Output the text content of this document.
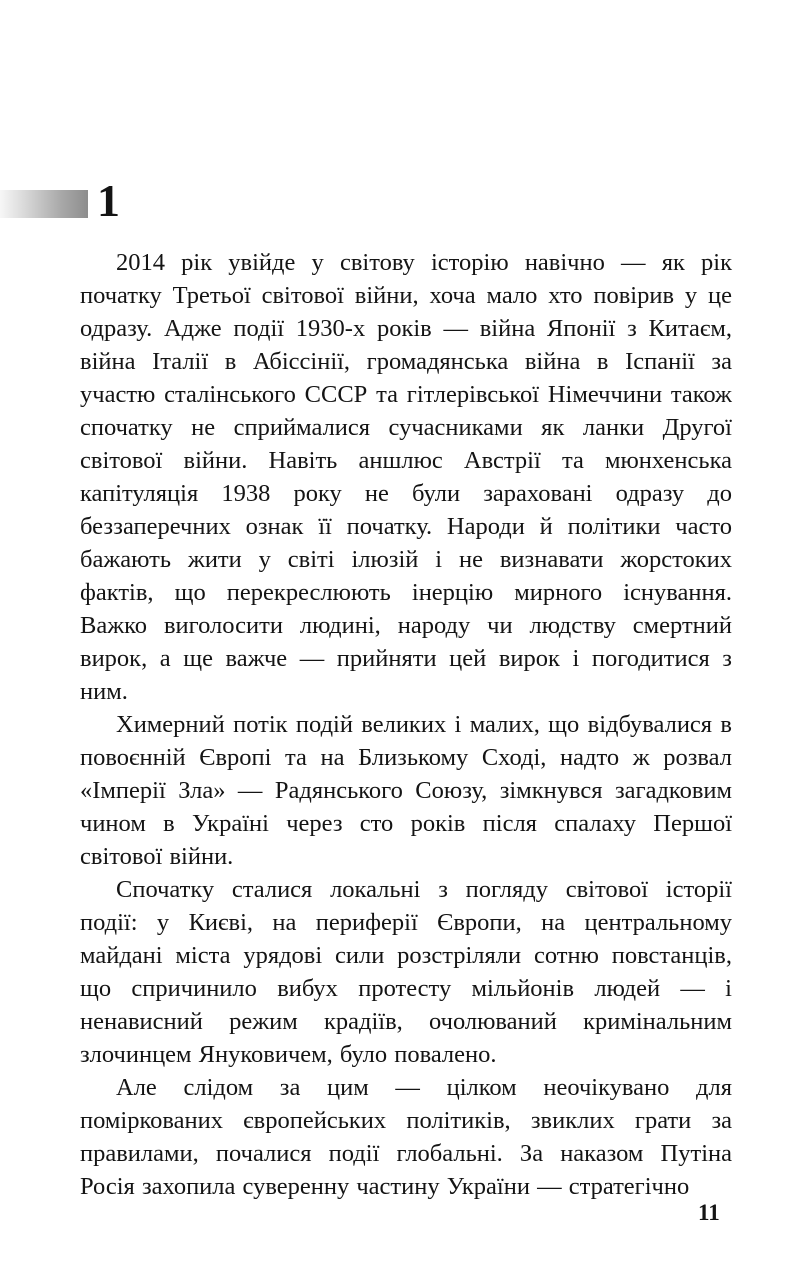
1

2014 рік увійде у світову історію навічно — як рік початку Третьої світової війни, хоча мало хто повірив у це одразу. Адже події 1930-х років — війна Японії з Китаєм, війна Італії в Абіссінії, громадянська війна в Іспанії за участю сталінського СССР та гітлерівської Німеччини також спочатку не сприймалися сучасниками як ланки Другої світової війни. Навіть аншлюс Австрії та мюнхенська капітуляція 1938 року не були зараховані одразу до беззаперечних ознак її початку. Народи й політики часто бажають жити у світі ілюзій і не визнавати жорстоких фактів, що перекреслюють інерцію мирного існування. Важко виголосити людині, народу чи людству смертний вирок, а ще важче — прийняти цей вирок і погодитися з ним.

Химерний потік подій великих і малих, що відбувалися в повоєнній Європі та на Близькому Сході, надто ж розвал «Імперії Зла» — Радянського Союзу, зімкнувся загадковим чином в Україні через сто років після спалаху Першої світової війни.

Спочатку сталися локальні з погляду світової історії події: у Києві, на периферії Європи, на центральному майдані міста урядові сили розстріляли сотню повстанців, що спричинило вибух протесту мільйонів людей — і ненависний режим крадіїв, очолюваний кримінальним злочинцем Януковичем, було повалено.

Але слідом за цим — цілком неочікувано для поміркованих європейських політиків, звиклих грати за правилами, почалися події глобальні. За наказом Путіна Росія захопила суверенну частину України — стратегічно

11
